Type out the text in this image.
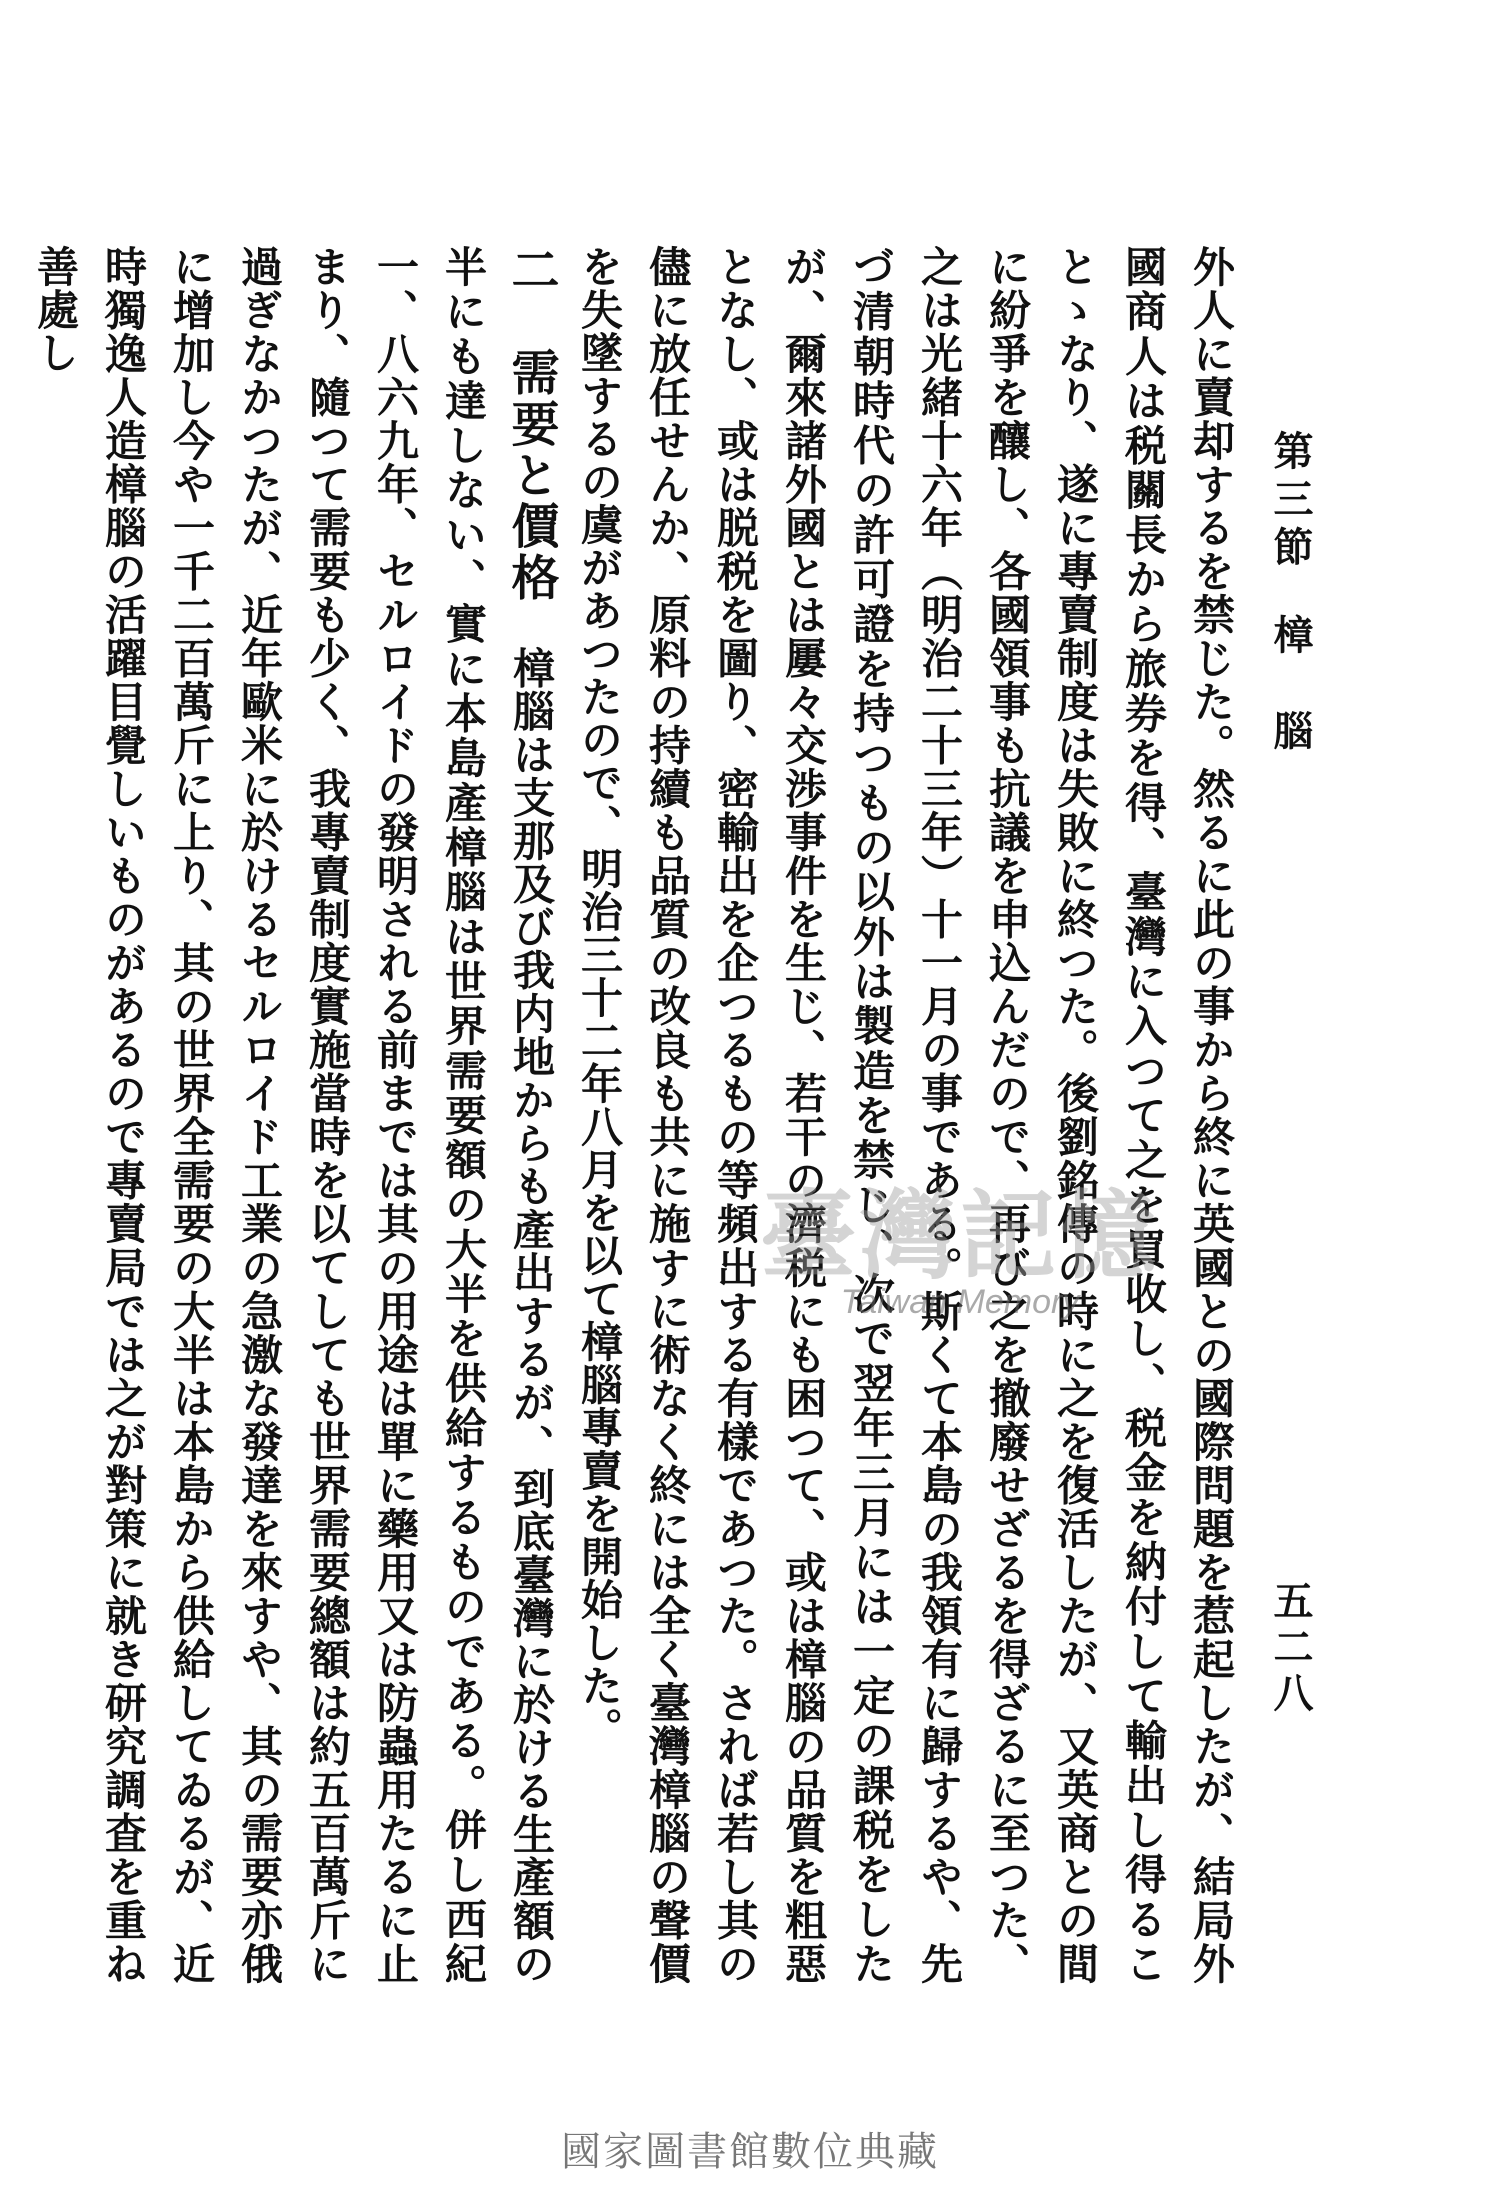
第三節樟　腦
五二八

外人に賣却するを禁じた。然るに此の事から終に英國との國際問題を惹起したが、結局外國商人は税關長から旅券を得、臺灣に入つて之を買收し、税金を納付して輸出し得ることゝなり、遂に專賣制度は失敗に終つた。後劉銘傳の時に之を復活したが、又英商との間に紛爭を釀し、各國領事も抗議を申込んだので、再び之を撤廢せざるを得ざるに至つた、之は光緒十六年（明治二十三年）十一月の事である。斯くて本島の我領有に歸するや、先づ清朝時代の許可證を持つもの以外は製造を禁じ、次で翌年三月には一定の課税をしたが、爾來諸外國とは屢々交渉事件を生じ、若干の濟税にも困つて、或は樟腦の品質を粗惡となし、或は脱税を圖り、密輸出を企つるもの等頻出する有樣であつた。されば若し其の儘に放任せんか、原料の持續も品質の改良も共に施すに術なく終には全く臺灣樟腦の聲價を失墜するの虞があつたので、明治三十二年八月を以て樟腦專賣を開始した。

二　需要と價格　樟腦は支那及び我内地からも產出するが、到底臺灣に於ける生產額の半にも達しない、實に本島產樟腦は世界需要額の大半を供給するものである。併し西紀一、八六九年、セルロイドの發明される前までは其の用途は單に藥用又は防蟲用たるに止まり、隨つて需要も少く、我專賣制度實施當時を以てしても世界需要總額は約五百萬斤に過ぎなかつたが、近年歐米に於けるセルロイド工業の急激な發達を來すや、其の需要亦俄に增加し今や一千二百萬斤に上り、其の世界全需要の大半は本島から供給してゐるが、近時獨逸人造樟腦の活躍目覺しいものがあるので專賣局では之が對策に就き研究調査を重ね善處し

臺灣記憶
Taiwan Memory
國家圖書館數位典藏
